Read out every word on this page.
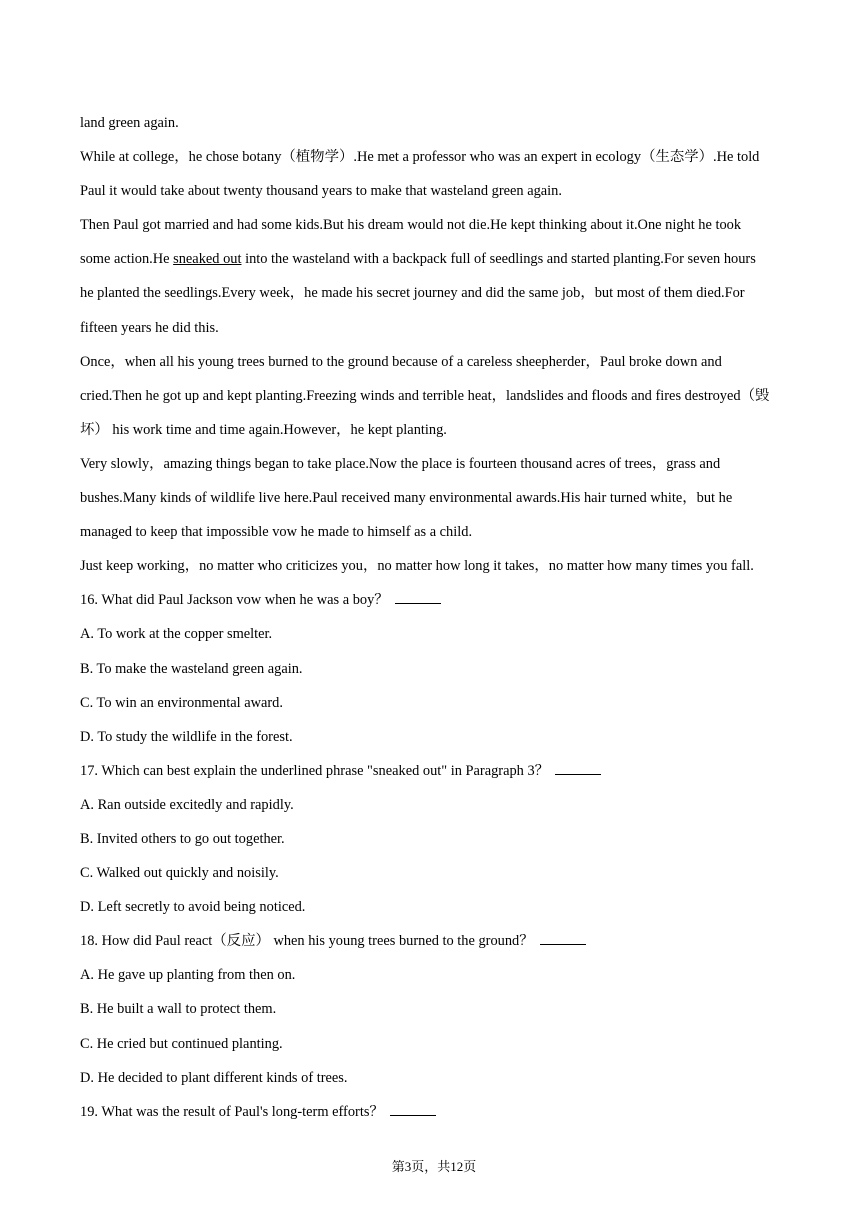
land green again.
While at college，he chose botany（植物学）.He met a professor who was an expert in ecology（生态学）.He told
Paul it would take about twenty thousand years to make that wasteland green again.
Then Paul got married and had some kids.But his dream would not die.He kept thinking about it.One night he took
some action.He sneaked out into the wasteland with a backpack full of seedlings and started planting.For seven hours
he planted the seedlings.Every week，he made his secret journey and did the same job，but most of them died.For
fifteen years he did this.
Once，when all his young trees burned to the ground because of a careless sheepherder，Paul broke down and
cried.Then he got up and kept planting.Freezing winds and terrible heat，landslides and floods and fires destroyed（毁
坏） his work time and time again.However，he kept planting.
Very slowly，amazing things began to take place.Now the place is fourteen thousand acres of trees，grass and
bushes.Many kinds of wildlife live here.Paul received many environmental awards.His hair turned white，but he
managed to keep that impossible vow he made to himself as a child.
Just keep working，no matter who criticizes you，no matter how long it takes，no matter how many times you fall.
16. What did Paul Jackson vow when he was a boy？
A. To work at the copper smelter.
B. To make the wasteland green again.
C. To win an environmental award.
D. To study the wildlife in the forest.
17. Which can best explain the underlined phrase "sneaked out" in Paragraph 3？
A. Ran outside excitedly and rapidly.
B. Invited others to go out together.
C. Walked out quickly and noisily.
D. Left secretly to avoid being noticed.
18. How did Paul react（反应） when his young trees burned to the ground？
A. He gave up planting from then on.
B. He built a wall to protect them.
C. He cried but continued planting.
D. He decided to plant different kinds of trees.
19. What was the result of Paul's long-term efforts？
第3页，共12页
